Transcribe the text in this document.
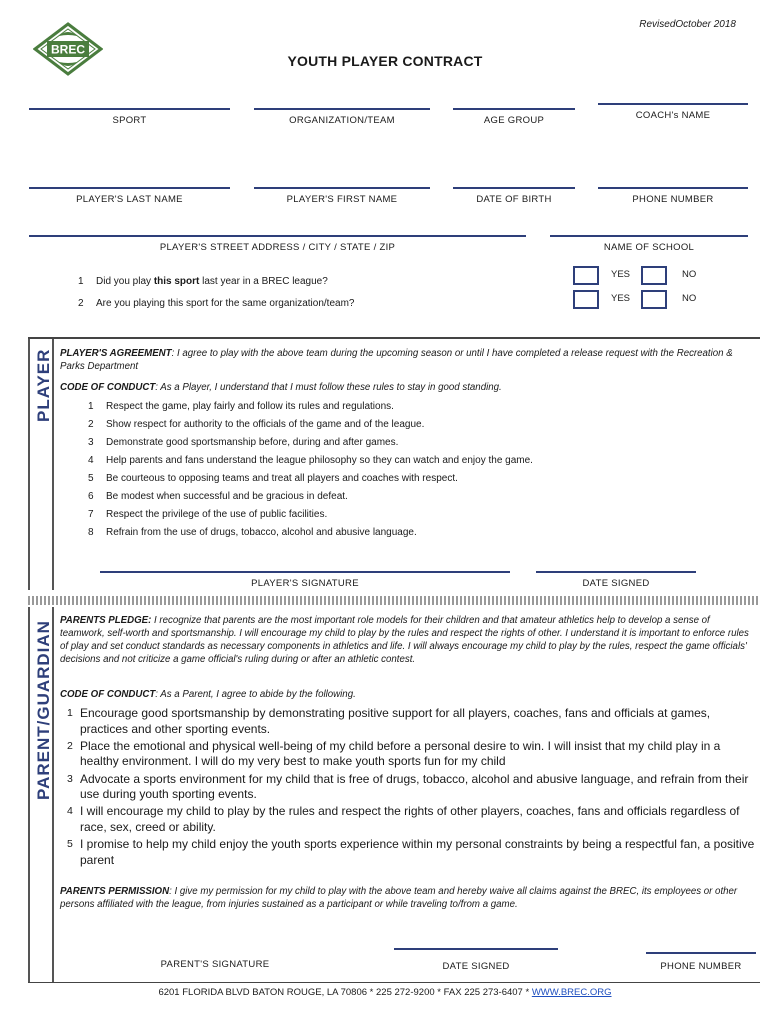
BREC
RevisedOctober 2018
YOUTH PLAYER CONTRACT
SPORT	ORGANIZATION/TEAM	AGE GROUP	COACH's NAME
PLAYER'S LAST NAME	PLAYER'S FIRST NAME	DATE OF BIRTH	PHONE NUMBER
PLAYER'S STREET ADDRESS / CITY / STATE / ZIP	NAME OF SCHOOL
1 Did you play this sport last year in a BREC league?
2 Are you playing this sport for the same organization/team?
YES	NO
YES	NO
PLAYER PLAYER'S AGREEMENT: I agree to play with the above team during the upcoming season or until I have completed a release request with the Recreation & Parks Department
CODE OF CONDUCT: As a Player, I understand that I must follow these rules to stay in good standing.
1 Respect the game, play fairly and follow its rules and regulations.
2 Show respect for authority to the officials of the game and of the league.
3 Demonstrate good sportsmanship before, during and after games.
4 Help parents and fans understand the league philosophy so they can watch and enjoy the game.
5 Be courteous to opposing teams and treat all players and coaches with respect.
6 Be modest when successful and be gracious in defeat.
7 Respect the privilege of the use of public facilities.
8 Refrain from the use of drugs, tobacco, alcohol and abusive language.
PLAYER'S SIGNATURE	DATE SIGNED
PARENT/GUARDIAN PARENTS PLEDGE: I recognize that parents are the most important role models for their children and that amateur athletics help to develop a sense of teamwork, self-worth and sportsmanship. I will encourage my child to play by the rules and respect the rights of other. I understand it is important to enforce rules of play and set conduct standards as necessary components in athletics and life. I will always encourage my child to play by the rules, respect the game officials' decisions and not criticize a game official's ruling during or after an athletic contest.
CODE OF CONDUCT: As a Parent, I agree to abide by the following.
1 Encourage good sportsmanship by demonstrating positive support for all players, coaches, fans and officials at games, practices and other sporting events.
2 Place the emotional and physical well-being of my child before a personal desire to win. I will insist that my child play in a healthy environment. I will do my very best to make youth sports fun for my child
3 Advocate a sports environment for my child that is free of drugs, tobacco, alcohol and abusive language, and refrain from their use during youth sporting events.
4 I will encourage my child to play by the rules and respect the rights of other players, coaches, fans and officials regardless of race, sex, creed or ability.
5 I promise to help my child enjoy the youth sports experience within my personal constraints by being a respectful fan, a positive parent
PARENTS PERMISSION: I give my permission for my child to play with the above team and hereby waive all claims against the BREC, its employees or other persons affiliated with the league, from injuries sustained as a participant or while traveling to/from a game.
PARENT'S SIGNATURE	DATE SIGNED	PHONE NUMBER
6201 FLORIDA BLVD BATON ROUGE, LA 70806 * 225 272-9200 * FAX 225 273-6407 * WWW.BREC.ORG
